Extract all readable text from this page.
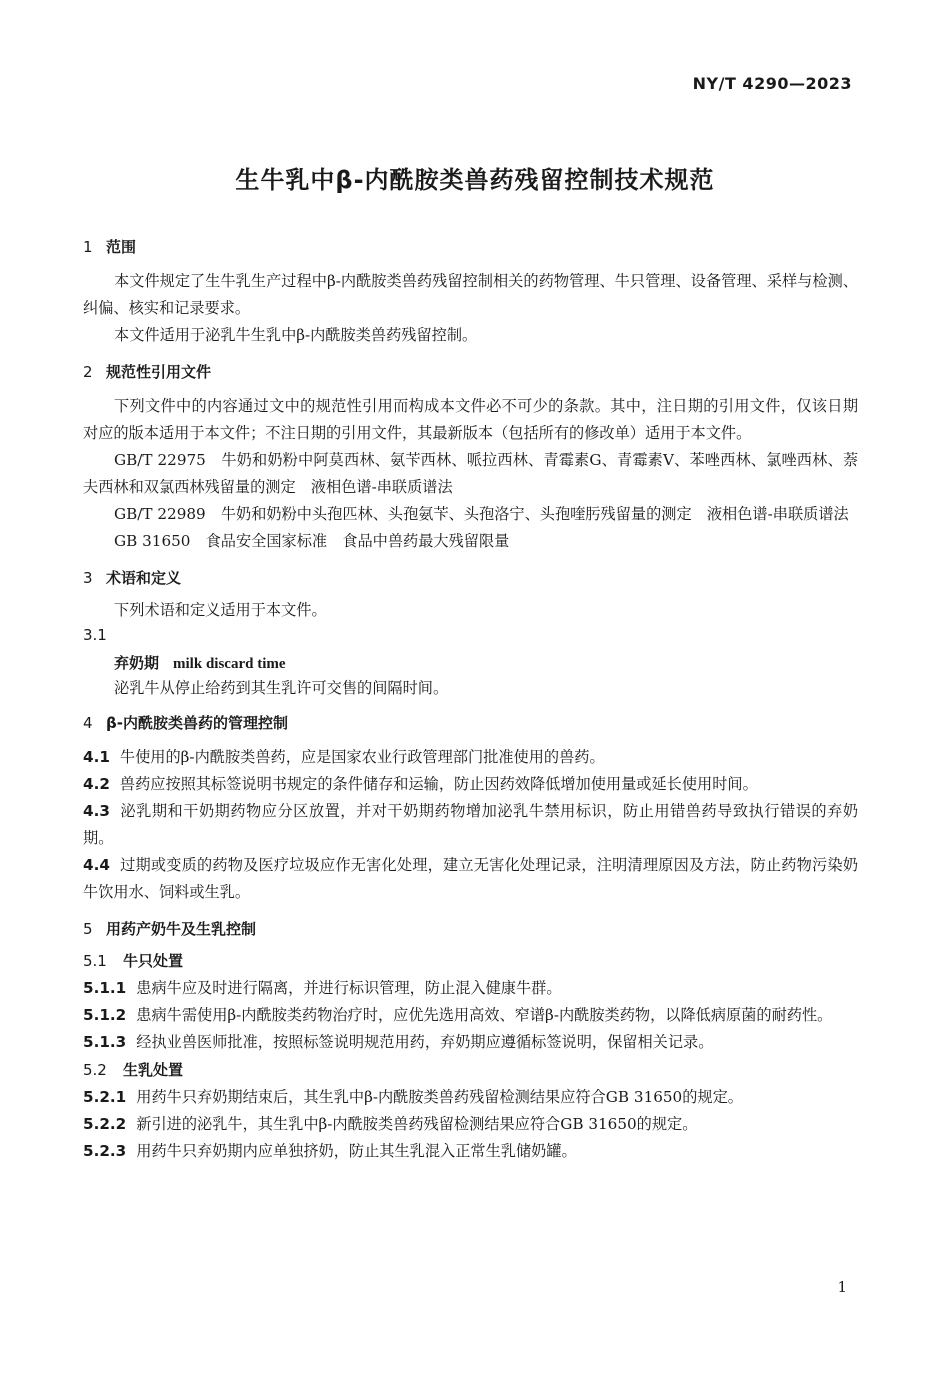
NY/T 4290—2023
生牛乳中β-内酰胺类兽药残留控制技术规范
1 范围
本文件规定了生牛乳生产过程中β-内酰胺类兽药残留控制相关的药物管理、牛只管理、设备管理、采样与检测、纠偏、核实和记录要求。
本文件适用于泌乳牛生乳中β-内酰胺类兽药残留控制。
2 规范性引用文件
下列文件中的内容通过文中的规范性引用而构成本文件必不可少的条款。其中，注日期的引用文件，仅该日期对应的版本适用于本文件；不注日期的引用文件，其最新版本（包括所有的修改单）适用于本文件。
GB/T 22975　牛奶和奶粉中阿莫西林、氨苄西林、哌拉西林、青霉素G、青霉素V、苯唑西林、氯唑西林、萘夫西林和双氯西林残留量的测定　液相色谱-串联质谱法
GB/T 22989　牛奶和奶粉中头孢匹林、头孢氨苄、头孢洛宁、头孢喹肟残留量的测定　液相色谱-串联质谱法
GB 31650　食品安全国家标准　食品中兽药最大残留限量
3 术语和定义
下列术语和定义适用于本文件。
3.1
弃奶期 milk discard time
泌乳牛从停止给药到其生乳许可交售的间隔时间。
4 β-内酰胺类兽药的管理控制
4.1 牛使用的β-内酰胺类兽药，应是国家农业行政管理部门批准使用的兽药。
4.2 兽药应按照其标签说明书规定的条件储存和运输，防止因药效降低增加使用量或延长使用时间。
4.3 泌乳期和干奶期药物应分区放置，并对干奶期药物增加泌乳牛禁用标识，防止用错兽药导致执行错误的弃奶期。
4.4 过期或变质的药物及医疗垃圾应作无害化处理，建立无害化处理记录，注明清理原因及方法，防止药物污染奶牛饮用水、饲料或生乳。
5 用药产奶牛及生乳控制
5.1 牛只处置
5.1.1 患病牛应及时进行隔离，并进行标识管理，防止混入健康牛群。
5.1.2 患病牛需使用β-内酰胺类药物治疗时，应优先选用高效、窄谱β-内酰胺类药物，以降低病原菌的耐药性。
5.1.3 经执业兽医师批准，按照标签说明规范用药，弃奶期应遵循标签说明，保留相关记录。
5.2 生乳处置
5.2.1 用药牛只弃奶期结束后，其生乳中β-内酰胺类兽药残留检测结果应符合GB 31650的规定。
5.2.2 新引进的泌乳牛，其生乳中β-内酰胺类兽药残留检测结果应符合GB 31650的规定。
5.2.3 用药牛只弃奶期内应单独挤奶，防止其生乳混入正常生乳储奶罐。
1
